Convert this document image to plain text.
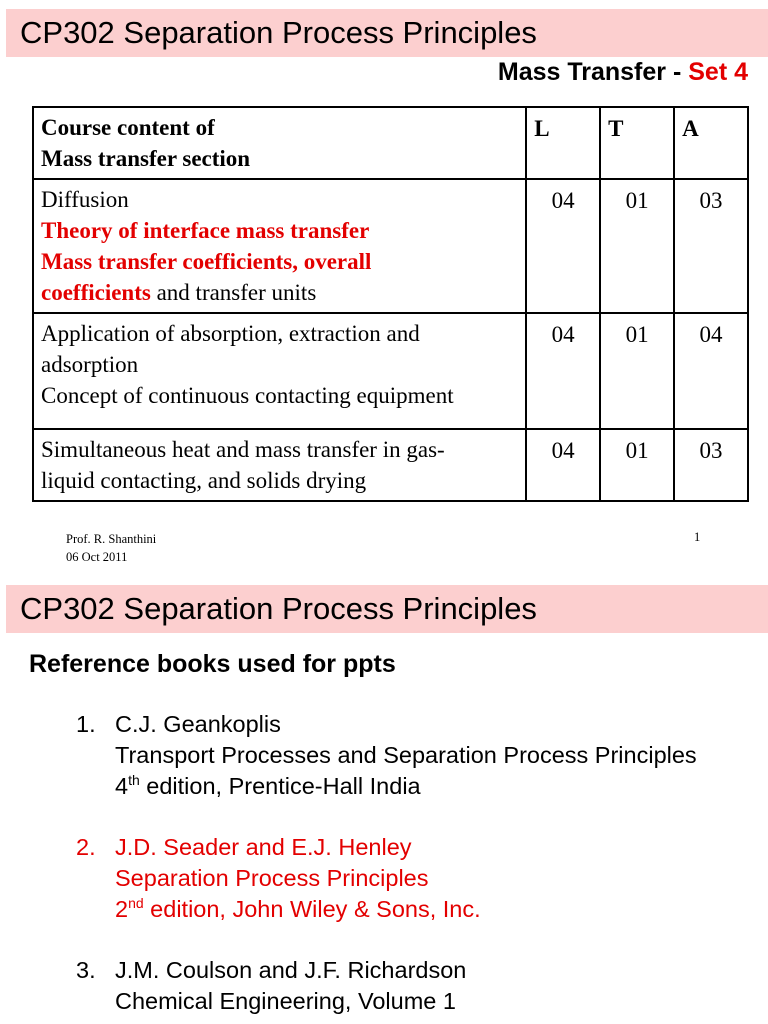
CP302 Separation Process Principles
Mass Transfer - Set 4
Course content of
Mass transfer section	L	T	A

Diffusion
Theory of interface mass transfer
Mass transfer coefficients, overall
coefficients and transfer units	04	01	03

Application of absorption, extraction and
adsorption
Concept of continuous contacting equipment	04	01	04

Simultaneous heat and mass transfer in gas-
liquid contacting, and solids drying	04	01	03
Prof. R. Shanthini
06 Oct 2011
1
CP302 Separation Process Principles
Reference books used for ppts
1. C.J. Geankoplis
Transport Processes and Separation Process Principles
4th edition, Prentice-Hall India
2. J.D. Seader and E.J. Henley
Separation Process Principles
2nd edition, John Wiley & Sons, Inc.
3. J.M. Coulson and J.F. Richardson
Chemical Engineering, Volume 1
